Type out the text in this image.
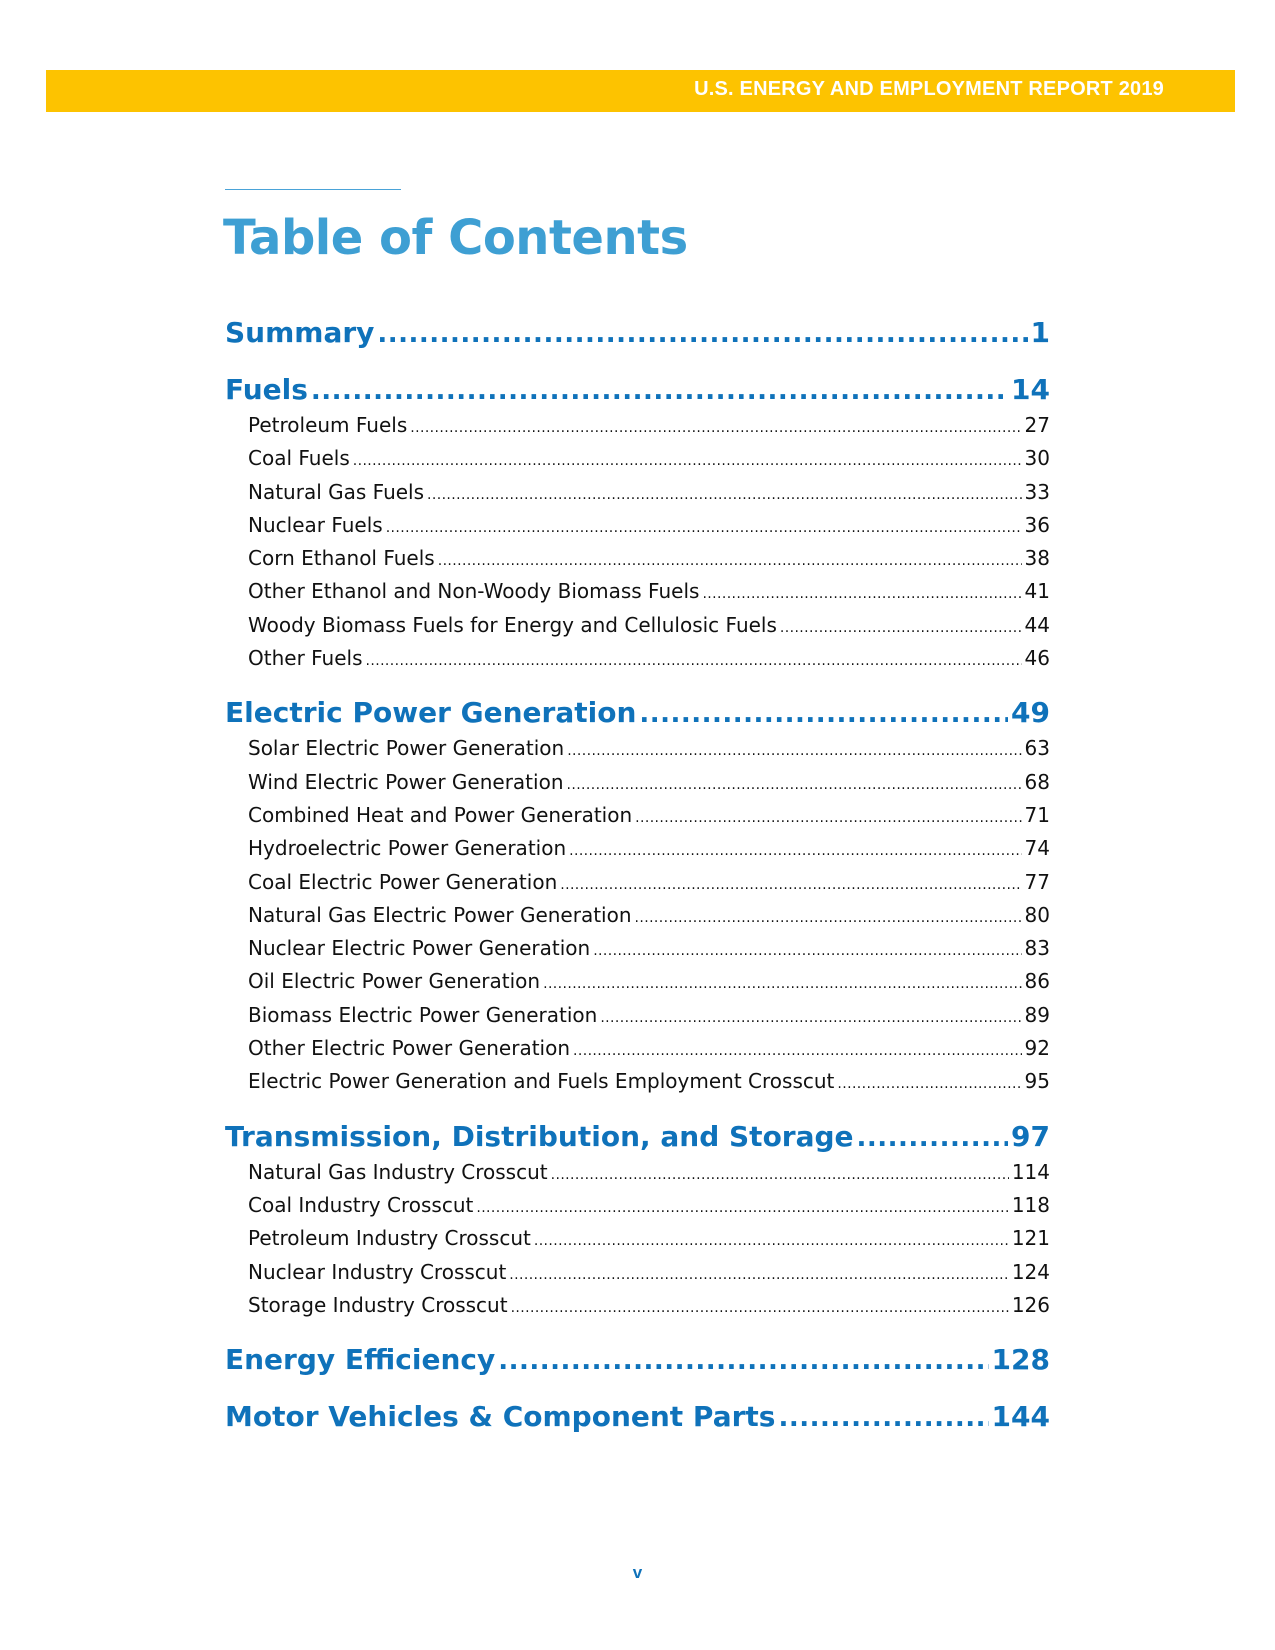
U.S. ENERGY AND EMPLOYMENT REPORT 2019
Table of Contents
Summary .....	1
Fuels .....	14
Petroleum Fuels .....	27
Coal Fuels .....	30
Natural Gas Fuels .....	33
Nuclear Fuels .....	36
Corn Ethanol Fuels .....	38
Other Ethanol and Non-Woody Biomass Fuels .....	41
Woody Biomass Fuels for Energy and Cellulosic Fuels .....	44
Other Fuels .....	46
Electric Power Generation .....	49
Solar Electric Power Generation .....	63
Wind Electric Power Generation .....	68
Combined Heat and Power Generation .....	71
Hydroelectric Power Generation .....	74
Coal Electric Power Generation .....	77
Natural Gas Electric Power Generation .....	80
Nuclear Electric Power Generation .....	83
Oil Electric Power Generation .....	86
Biomass Electric Power Generation .....	89
Other Electric Power Generation .....	92
Electric Power Generation and Fuels Employment Crosscut .....	95
Transmission, Distribution, and Storage .....	97
Natural Gas Industry Crosscut .....	114
Coal Industry Crosscut .....	118
Petroleum Industry Crosscut .....	121
Nuclear Industry Crosscut .....	124
Storage Industry Crosscut .....	126
Energy Efficiency .....	128
Motor Vehicles & Component Parts .....	144
v
